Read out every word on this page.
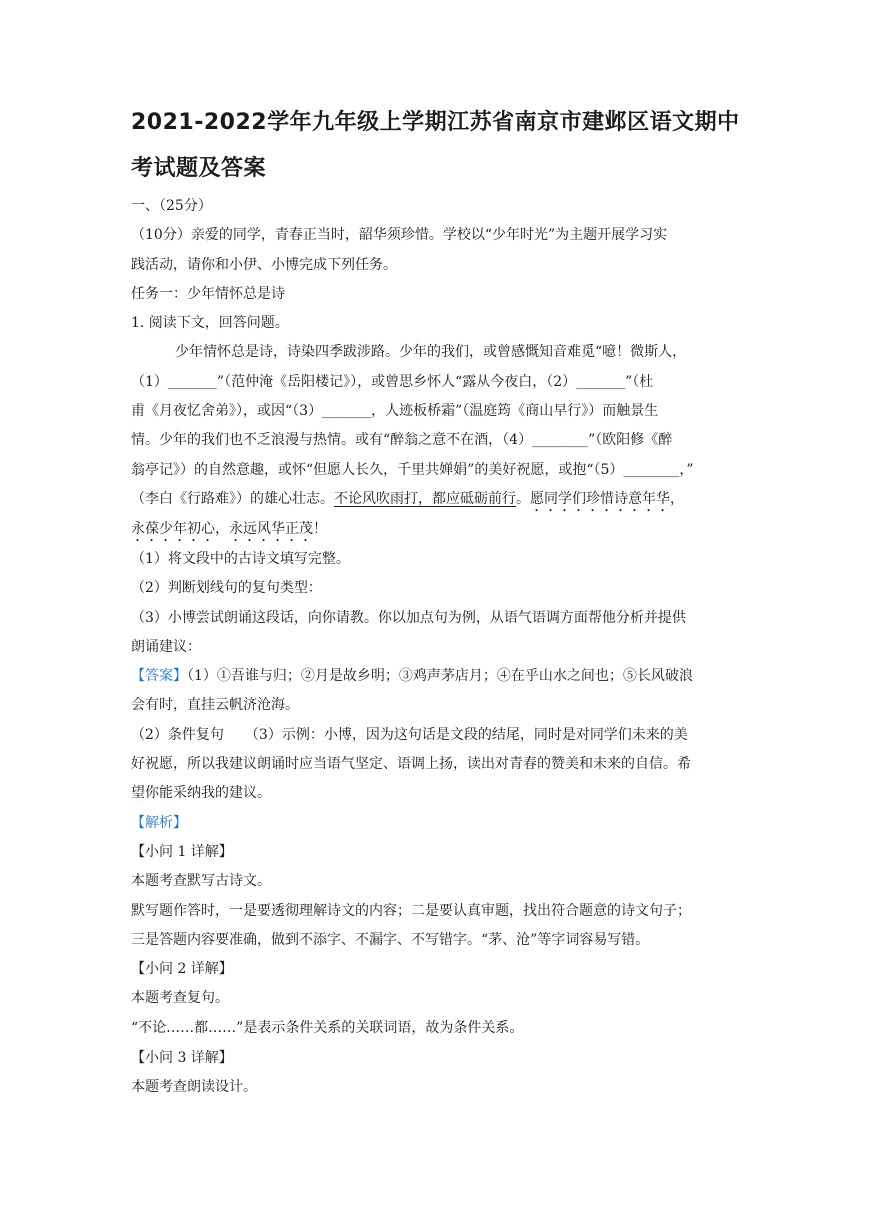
2021-2022学年九年级上学期江苏省南京市建邺区语文期中
考试题及答案

一、（25分）

（10分）亲爱的同学，青春正当时，韶华须珍惜。学校以“少年时光”为主题开展学习实

践活动，请你和小伊、小博完成下列任务。

任务一：少年情怀总是诗

1. 阅读下文，回答问题。

少年情怀总是诗，诗染四季跋涉路。少年的我们，或曾感慨知音难觅“噫！微斯人，

（1）_______”（范仲淹《岳阳楼记》），或曾思乡怀人“露从今夜白，（2）_______”（杜

甫《月夜忆舍弟》），或因“（3）_______，人迹板桥霜”（温庭筠《商山早行》）而触景生

情。少年的我们也不乏浪漫与热情。或有“醉翁之意不在酒，（4）________”（欧阳修《醉

翁亭记》）的自然意趣，或怀“但愿人长久，千里共婵娟”的美好祝愿，或抱“（5）________，”

（李白《行路难》）的雄心壮志。不论风吹雨打，都应砥砺前行。愿同学们珍惜诗意年华，

永葆少年初心，永远风华正茂！

（1）将文段中的古诗文填写完整。

（2）判断划线句的复句类型：

（3）小博尝试朗诵这段话，向你请教。你以加点句为例，从语气语调方面帮他分析并提供

朗诵建议：

【答案】（1）①吾谁与归；②月是故乡明；③鸡声茅店月；④在乎山水之间也；⑤长风破浪

会有时，直挂云帆济沧海。

（2）条件复句　　（3）示例：小博，因为这句话是文段的结尾，同时是对同学们未来的美

好祝愿，所以我建议朗诵时应当语气坚定、语调上扬，读出对青春的赞美和未来的自信。希

望你能采纳我的建议。

【解析】

【小问 1 详解】

本题考查默写古诗文。

默写题作答时，一是要透彻理解诗文的内容；二是要认真审题，找出符合题意的诗文句子；

三是答题内容要准确，做到不添字、不漏字、不写错字。“茅、沧”等字词容易写错。

【小问 2 详解】

本题考查复句。

“不论……都……”是表示条件关系的关联词语，故为条件关系。

【小问 3 详解】

本题考查朗读设计。
